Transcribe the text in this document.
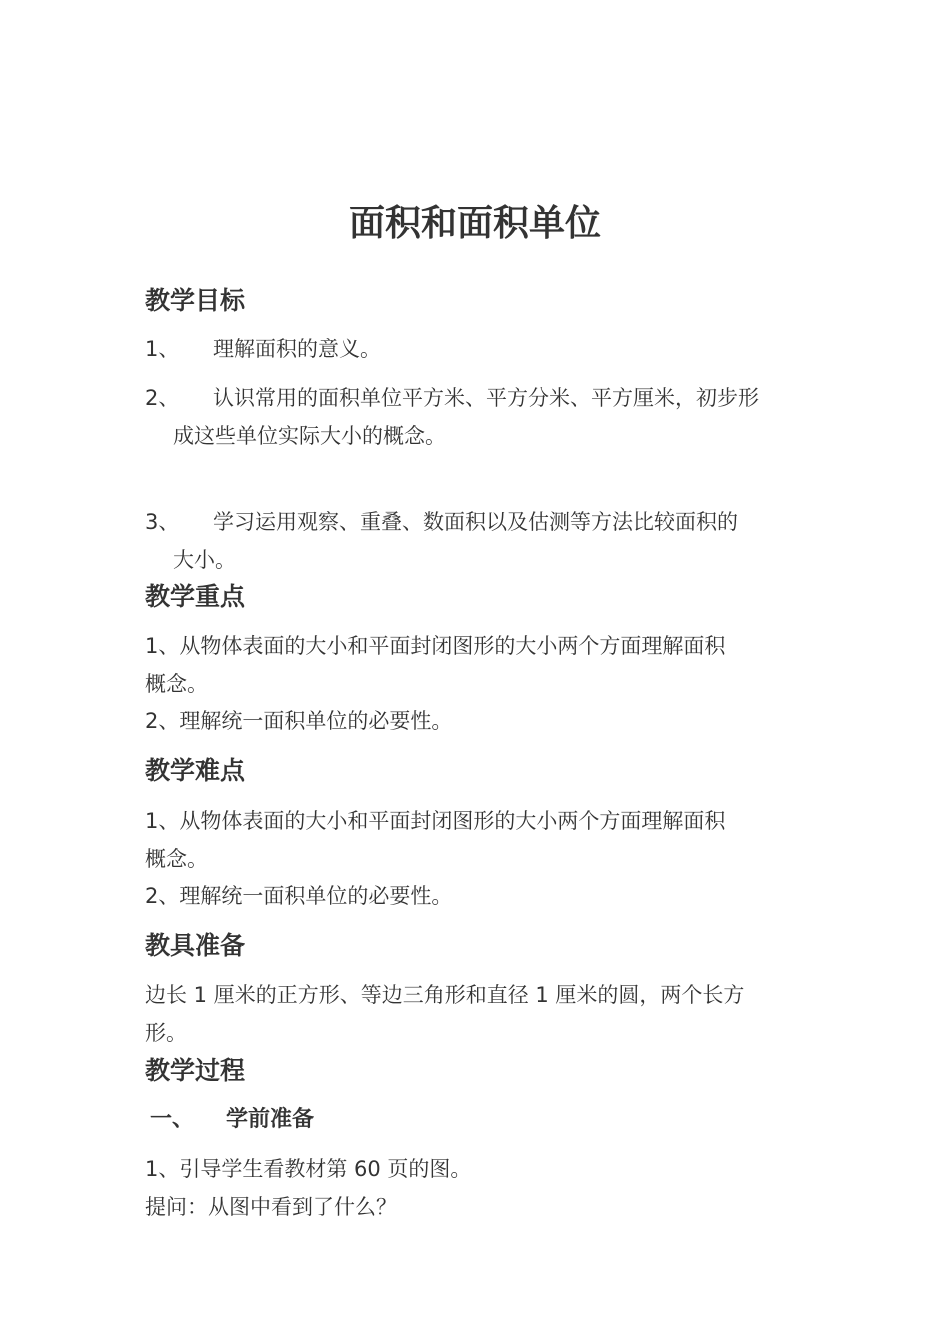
面积和面积单位
教学目标
1、 理解面积的意义。
2、 认识常用的面积单位平方米、平方分米、平方厘米，初步形
成这些单位实际大小的概念。
3、 学习运用观察、重叠、数面积以及估测等方法比较面积的
大小。
教学重点
1、从物体表面的大小和平面封闭图形的大小两个方面理解面积
概念。
2、理解统一面积单位的必要性。
教学难点
1、从物体表面的大小和平面封闭图形的大小两个方面理解面积
概念。
2、理解统一面积单位的必要性。
教具准备
边长 1 厘米的正方形、等边三角形和直径 1 厘米的圆，两个长方
形。
教学过程
一、 学前准备
1、引导学生看教材第 60 页的图。
提问：从图中看到了什么？
